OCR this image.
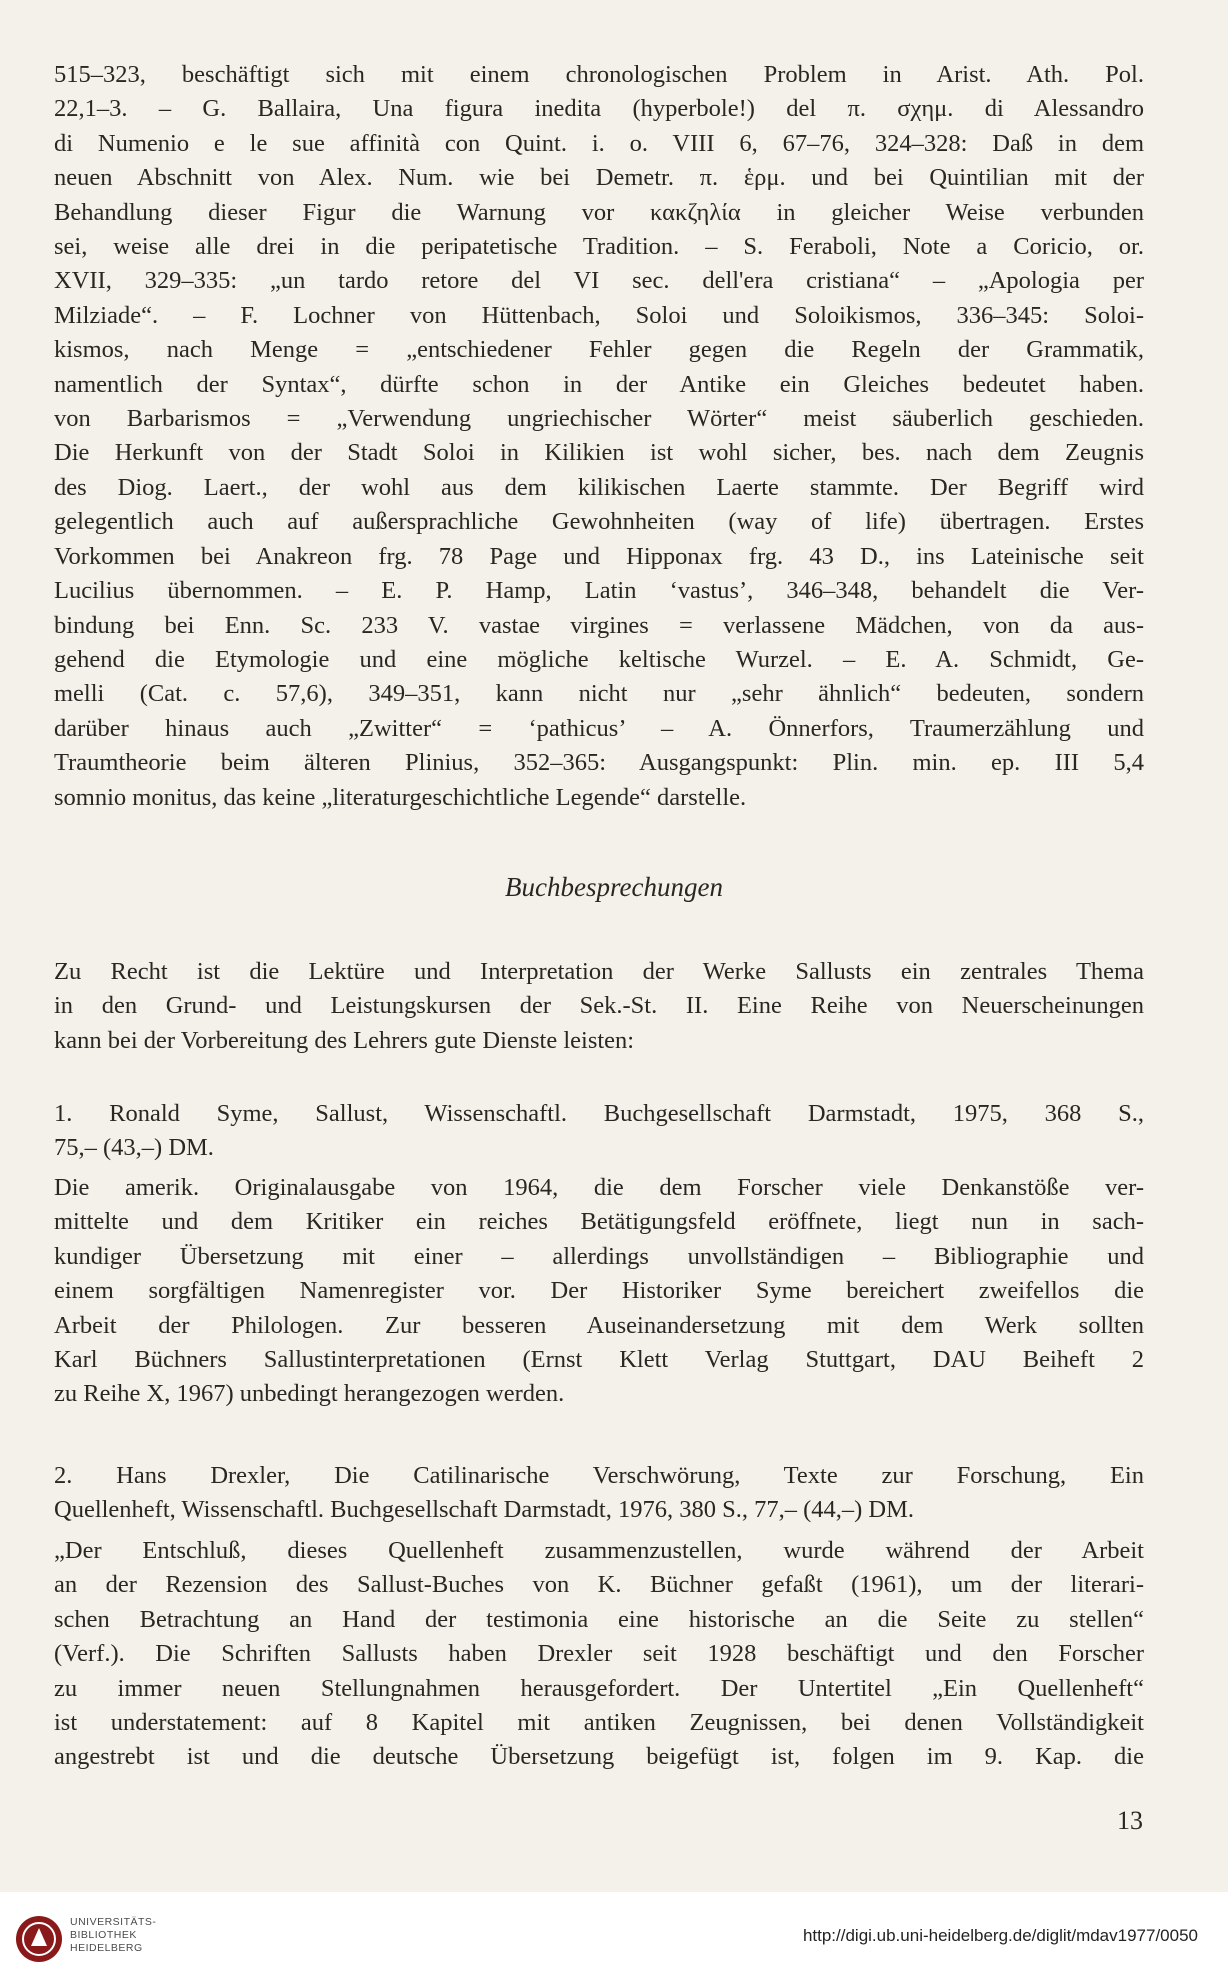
515–323, beschäftigt sich mit einem chronologischen Problem in Arist. Ath. Pol.
22,1–3. – G. Ballaira, Una figura inedita (hyperbole!) del π. σχημ. di Alessandro
di Numenio e le sue affinità con Quint. i. o. VIII 6, 67–76, 324–328: Daß in dem
neuen Abschnitt von Alex. Num. wie bei Demetr. π. ἑρμ. und bei Quintilian mit der
Behandlung dieser Figur die Warnung vor κακζηλία in gleicher Weise verbunden
sei, weise alle drei in die peripatetische Tradition. – S. Feraboli, Note a Coricio, or.
XVII, 329–335: „un tardo retore del VI sec. dell'era cristiana“ – „Apologia per
Milziade“. – F. Lochner von Hüttenbach, Soloi und Soloikismos, 336–345: Soloi-
kismos, nach Menge = „entschiedener Fehler gegen die Regeln der Grammatik,
namentlich der Syntax“, dürfte schon in der Antike ein Gleiches bedeutet haben.
von Barbarismos = „Verwendung ungriechischer Wörter“ meist säuberlich geschieden.
Die Herkunft von der Stadt Soloi in Kilikien ist wohl sicher, bes. nach dem Zeugnis
des Diog. Laert., der wohl aus dem kilikischen Laerte stammte. Der Begriff wird
gelegentlich auch auf außersprachliche Gewohnheiten (way of life) übertragen. Erstes
Vorkommen bei Anakreon frg. 78 Page und Hipponax frg. 43 D., ins Lateinische seit
Lucilius übernommen. – E. P. Hamp, Latin ‘vastus’, 346–348, behandelt die Ver-
bindung bei Enn. Sc. 233 V. vastae virgines = verlassene Mädchen, von da aus-
gehend die Etymologie und eine mögliche keltische Wurzel. – E. A. Schmidt, Ge-
melli (Cat. c. 57,6), 349–351, kann nicht nur „sehr ähnlich“ bedeuten, sondern
darüber hinaus auch „Zwitter“ = ‘pathicus’ – A. Önnerfors, Traumerzählung und
Traumtheorie beim älteren Plinius, 352–365: Ausgangspunkt: Plin. min. ep. III 5,4
somnio monitus, das keine „literaturgeschichtliche Legende“ darstelle.
Buchbesprechungen
Zu Recht ist die Lektüre und Interpretation der Werke Sallusts ein zentrales Thema
in den Grund- und Leistungskursen der Sek.-St. II. Eine Reihe von Neuerscheinungen
kann bei der Vorbereitung des Lehrers gute Dienste leisten:
1. Ronald Syme, Sallust, Wissenschaftl. Buchgesellschaft Darmstadt, 1975, 368 S.,
75,– (43,–) DM.
Die amerik. Originalausgabe von 1964, die dem Forscher viele Denkanstöße ver-
mittelte und dem Kritiker ein reiches Betätigungsfeld eröffnete, liegt nun in sach-
kundiger Übersetzung mit einer – allerdings unvollständigen – Bibliographie und
einem sorgfältigen Namenregister vor. Der Historiker Syme bereichert zweifellos die
Arbeit der Philologen. Zur besseren Auseinandersetzung mit dem Werk sollten
Karl Büchners Sallustinterpretationen (Ernst Klett Verlag Stuttgart, DAU Beiheft 2
zu Reihe X, 1967) unbedingt herangezogen werden.
2. Hans Drexler, Die Catilinarische Verschwörung, Texte zur Forschung, Ein
Quellenheft, Wissenschaftl. Buchgesellschaft Darmstadt, 1976, 380 S., 77,– (44,–) DM.
„Der Entschluß, dieses Quellenheft zusammenzustellen, wurde während der Arbeit
an der Rezension des Sallust-Buches von K. Büchner gefaßt (1961), um der literari-
schen Betrachtung an Hand der testimonia eine historische an die Seite zu stellen“
(Verf.). Die Schriften Sallusts haben Drexler seit 1928 beschäftigt und den Forscher
zu immer neuen Stellungnahmen herausgefordert. Der Untertitel „Ein Quellenheft“
ist understatement: auf 8 Kapitel mit antiken Zeugnissen, bei denen Vollständigkeit
angestrebt ist und die deutsche Übersetzung beigefügt ist, folgen im 9. Kap. die
13
UNIVERSITÄTS-
BIBLIOTHEK
HEIDELBERG
http://digi.ub.uni-heidelberg.de/diglit/mdav1977/0050
